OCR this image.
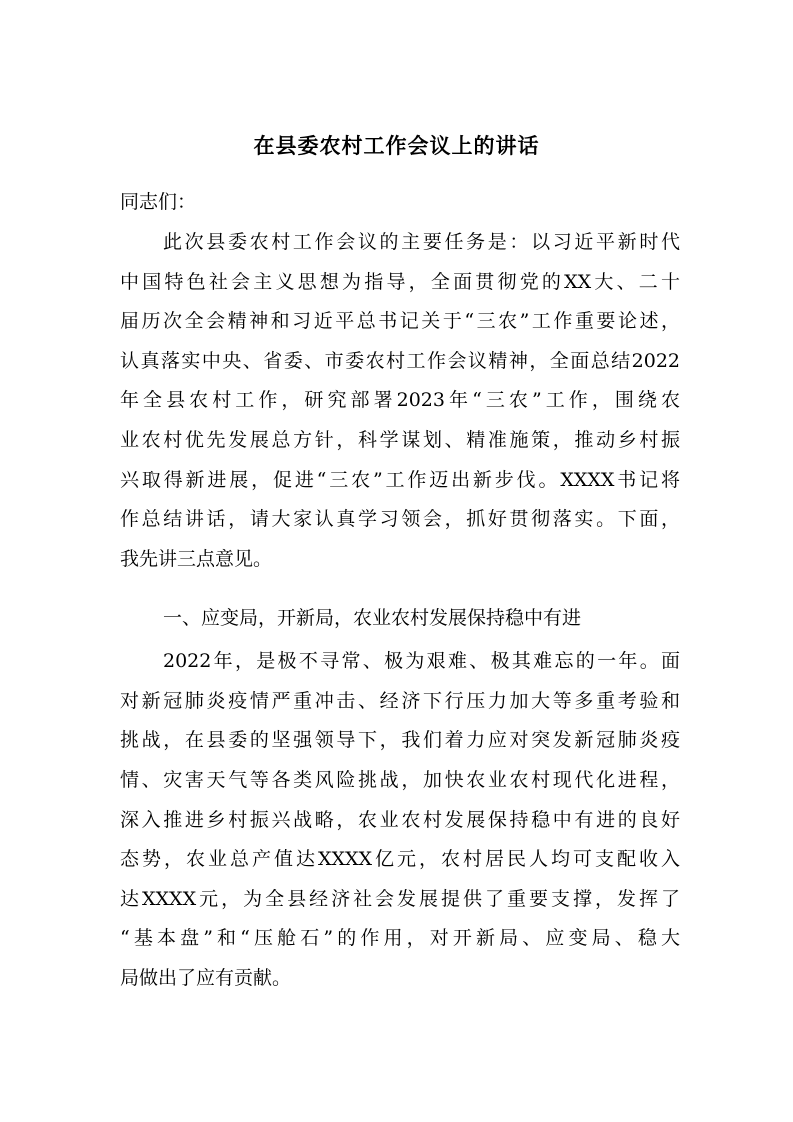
在县委农村工作会议上的讲话
同志们：
此次县委农村工作会议的主要任务是：以习近平新时代
中国特色社会主义思想为指导，全面贯彻党的XX大、二十
届历次全会精神和习近平总书记关于“三农”工作重要论述，
认真落实中央、省委、市委农村工作会议精神，全面总结2022
年全县农村工作，研究部署2023年“三农”工作，围绕农
业农村优先发展总方针，科学谋划、精准施策，推动乡村振
兴取得新进展，促进“三农”工作迈出新步伐。XXXX书记将
作总结讲话，请大家认真学习领会，抓好贯彻落实。下面，
我先讲三点意见。
一、应变局，开新局，农业农村发展保持稳中有进
2022年，是极不寻常、极为艰难、极其难忘的一年。面
对新冠肺炎疫情严重冲击、经济下行压力加大等多重考验和
挑战，在县委的坚强领导下，我们着力应对突发新冠肺炎疫
情、灾害天气等各类风险挑战，加快农业农村现代化进程，
深入推进乡村振兴战略，农业农村发展保持稳中有进的良好
态势，农业总产值达XXXX亿元，农村居民人均可支配收入
达XXXX元，为全县经济社会发展提供了重要支撑，发挥了
“基本盘”和“压舱石”的作用，对开新局、应变局、稳大
局做出了应有贡献。
